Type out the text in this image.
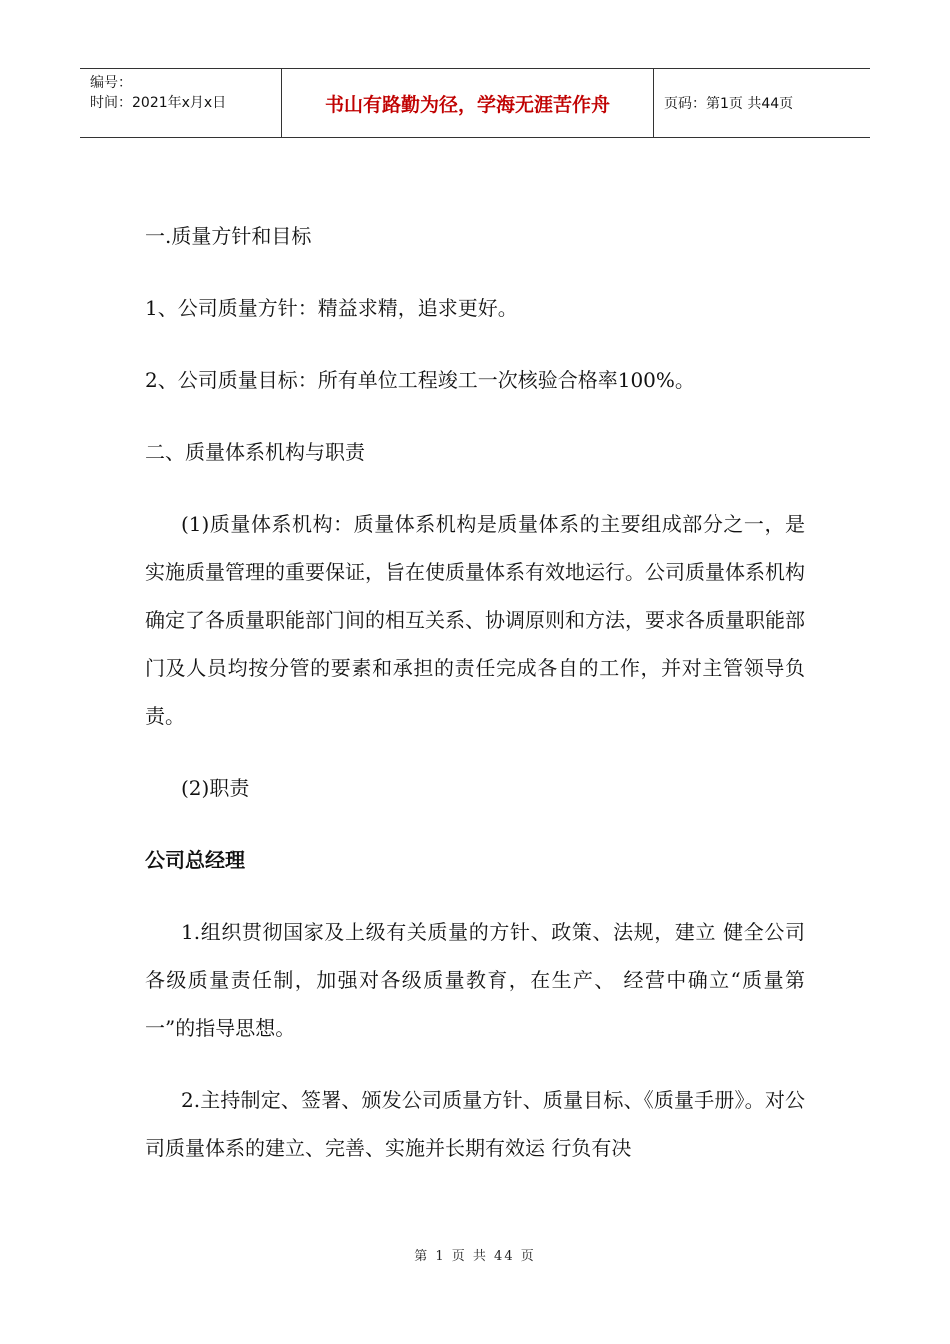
编号：
时间：2021年x月x日	书山有路勤为径，学海无涯苦作舟	页码：第1页 共44页

一.质量方针和目标

1、公司质量方针：精益求精，追求更好。

2、公司质量目标：所有单位工程竣工一次核验合格率100%。

二、质量体系机构与职责

(1)质量体系机构：质量体系机构是质量体系的主要组成部分之一，是实施质量管理的重要保证，旨在使质量体系有效地运行。公司质量体系机构确定了各质量职能部门间的相互关系、协调原则和方法，要求各质量职能部门及人员均按分管的要素和承担的责任完成各自的工作，并对主管领导负责。

(2)职责

公司总经理

1.组织贯彻国家及上级有关质量的方针、政策、法规，建立 健全公司各级质量责任制，加强对各级质量教育，在生产、 经营中确立“质量第一”的指导思想。

2.主持制定、签署、颁发公司质量方针、质量目标、《质量手册》。对公司质量体系的建立、完善、实施并长期有效运 行负有决

第 1 页 共 44 页
